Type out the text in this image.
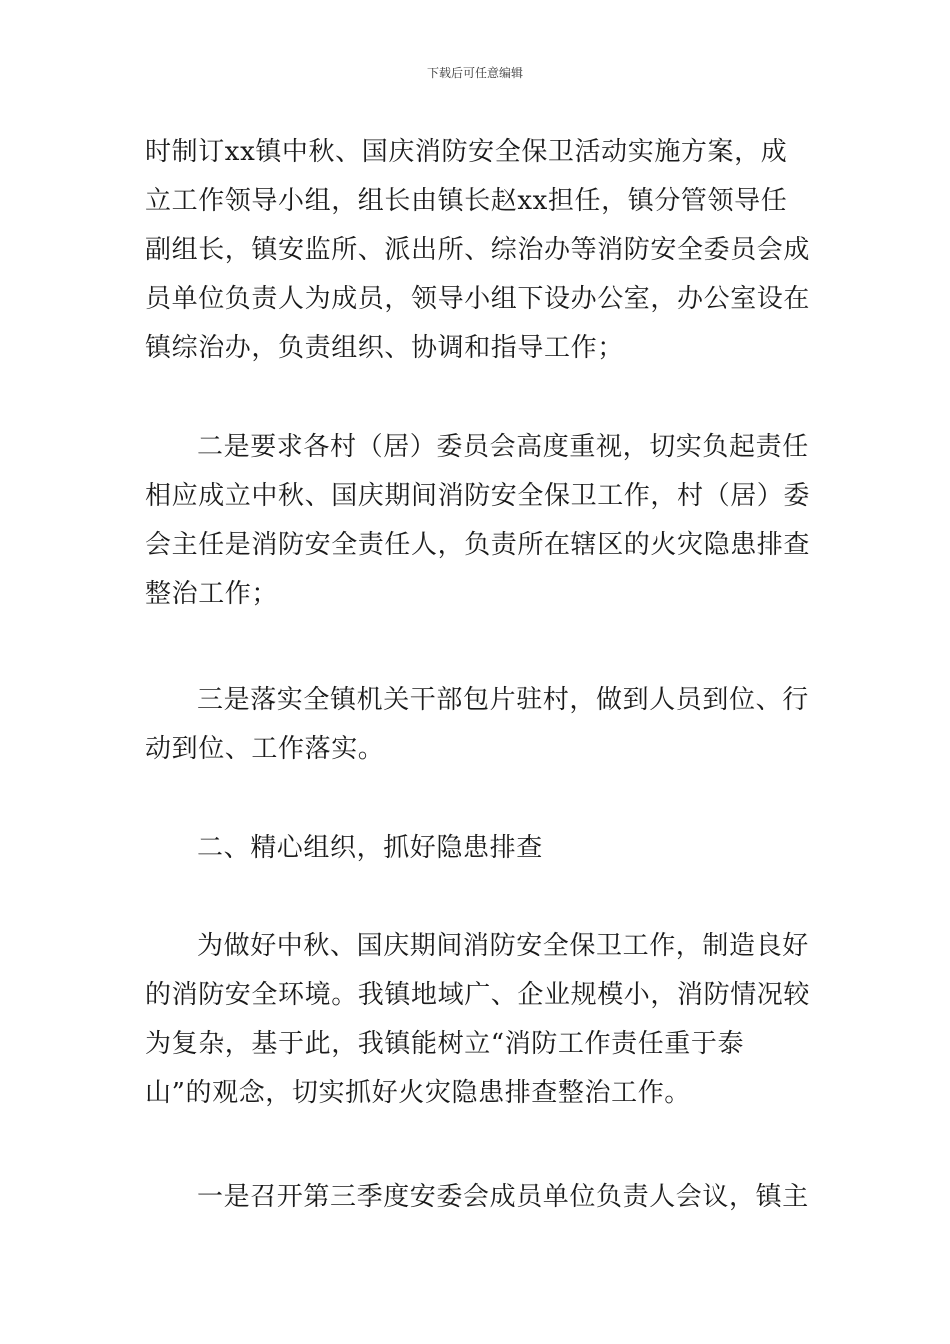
下载后可任意编辑

时制订xx镇中秋、国庆消防安全保卫活动实施方案，成立工作领导小组，组长由镇长赵xx担任，镇分管领导任副组长，镇安监所、派出所、综治办等消防安全委员会成员单位负责人为成员，领导小组下设办公室，办公室设在镇综治办，负责组织、协调和指导工作；

二是要求各村（居）委员会高度重视，切实负起责任相应成立中秋、国庆期间消防安全保卫工作，村（居）委会主任是消防安全责任人，负责所在辖区的火灾隐患排查整治工作；

三是落实全镇机关干部包片驻村，做到人员到位、行动到位、工作落实。

二、精心组织，抓好隐患排查

为做好中秋、国庆期间消防安全保卫工作，制造良好的消防安全环境。我镇地域广、企业规模小，消防情况较为复杂，基于此，我镇能树立“消防工作责任重于泰山”的观念，切实抓好火灾隐患排查整治工作。

一是召开第三季度安委会成员单位负责人会议，镇主
